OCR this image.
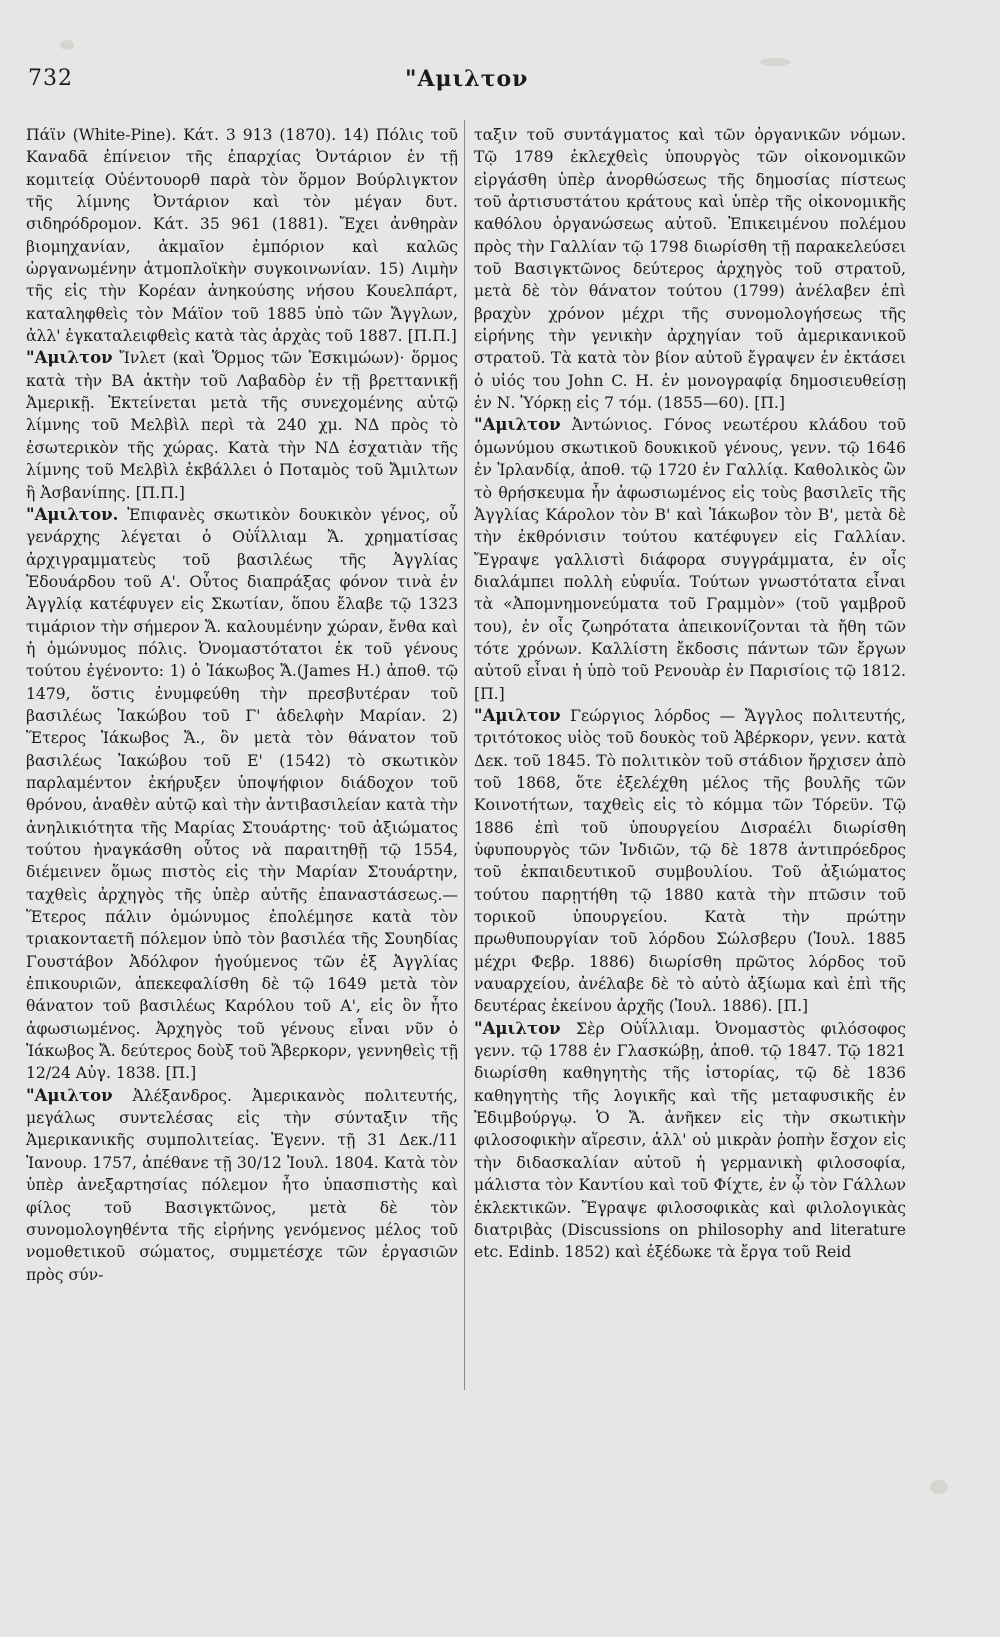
732	"Αμιλτον

Πάϊν (White-Pine). Κάτ. 3 913 (1870). 14) Πόλις τοῦ Καναδᾶ ἐπίνειον τῆς ἐπαρχίας Ὀντάριον ἐν τῇ κομιτείᾳ Οὐέντουορθ παρὰ τὸν ὅρμον Βούρλιγκτον τῆς λίμνης Ὀντάριον καὶ τὸν μέγαν δυτ. σιδηρόδρομον. Κάτ. 35 961 (1881). Ἔχει ἀνθηρὰν βιομηχανίαν, ἀκμαῖον ἐμπόριον καὶ καλῶς ὠργανωμένην ἀτμοπλοϊκὴν συγκοινωνίαν. 15) Λιμὴν τῆς εἰς τὴν Κορέαν ἀνηκούσης νήσου Κουελπάρτ, καταληφθεὶς τὸν Μάϊον τοῦ 1885 ὑπὸ τῶν Ἄγγλων, ἀλλ' ἐγκαταλειφθεὶς κατὰ τὰς ἀρχὰς τοῦ 1887. [Π.Π.]

"Αμιλτον Ἴνλετ (καὶ Ὅρμος τῶν Ἐσκιμώων)· ὅρμος κατὰ τὴν ΒΑ ἀκτὴν τοῦ Λαβαδὸρ ἐν τῇ βρεττανικῇ Ἀμερικῇ. Ἐκτείνεται μετὰ τῆς συνεχομένης αὐτῷ λίμνης τοῦ Μελβὶλ περὶ τὰ 240 χμ. ΝΔ πρὸς τὸ ἐσωτερικὸν τῆς χώρας. Κατὰ τὴν ΝΔ ἐσχατιὰν τῆς λίμνης τοῦ Μελβὶλ ἐκβάλλει ὁ Ποταμὸς τοῦ Ἄμιλτων ἢ Ἀσβανίπης. [Π.Π.]

"Αμιλτον. Ἐπιφανὲς σκωτικὸν δουκικὸν γένος, οὗ γενάρχης λέγεται ὁ Οὐΐλλιαμ Ἄ. χρηματίσας ἀρχιγραμματεὺς τοῦ βασιλέως τῆς Ἀγγλίας Ἐδουάρδου τοῦ Α'. Οὗτος διαπράξας φόνον τινὰ ἐν Ἀγγλίᾳ κατέφυγεν εἰς Σκωτίαν, ὅπου ἔλαβε τῷ 1323 τιμάριον τὴν σήμερον Ἄ. καλουμένην χώραν, ἔνθα καὶ ἡ ὁμώνυμος πόλις. Ὀνομαστότατοι ἐκ τοῦ γένους τούτου ἐγένοντο: 1) ὁ Ἰάκωβος Ἄ.(James H.) ἀποθ. τῷ 1479, ὅστις ἐνυμφεύθη τὴν πρεσβυτέραν τοῦ βασιλέως Ἰακώβου τοῦ Γ' ἀδελφὴν Μαρίαν. 2) Ἕτερος Ἰάκωβος Ἄ., ὃν μετὰ τὸν θάνατον τοῦ βασιλέως Ἰακώβου τοῦ Ε' (1542) τὸ σκωτικὸν παρλαμέντον ἐκήρυξεν ὑποψήφιον διάδοχον τοῦ θρόνου, ἀναθὲν αὐτῷ καὶ τὴν ἀντιβασιλείαν κατὰ τὴν ἀνηλικιότητα τῆς Μαρίας Στουάρτης· τοῦ ἀξιώματος τούτου ἠναγκάσθη οὗτος νὰ παραιτηθῇ τῷ 1554, διέμεινεν ὅμως πιστὸς εἰς τὴν Μαρίαν Στουάρτην, ταχθεὶς ἀρχηγὸς τῆς ὑπὲρ αὐτῆς ἐπαναστάσεως.—Ἕτερος πάλιν ὁμώνυμος ἐπολέμησε κατὰ τὸν τριακονταετῆ πόλεμον ὑπὸ τὸν βασιλέα τῆς Σουηδίας Γουστάβον Ἀδόλφον ἡγούμενος τῶν ἐξ Ἀγγλίας ἐπικουριῶν, ἀπεκεφαλίσθη δὲ τῷ 1649 μετὰ τὸν θάνατον τοῦ βασιλέως Καρόλου τοῦ Α', εἰς ὃν ἦτο ἀφωσιωμένος. Ἀρχηγὸς τοῦ γένους εἶναι νῦν ὁ Ἰάκωβος Ἄ. δεύτερος δοὺξ τοῦ Ἄβερκορν, γεννηθεὶς τῇ 12/24 Αὐγ. 1838. [Π.]

"Αμιλτον Ἀλέξανδρος. Ἀμερικανὸς πολιτευτής, μεγάλως συντελέσας εἰς τὴν σύνταξιν τῆς Ἀμερικανικῆς συμπολιτείας. Ἐγενν. τῇ 31 Δεκ./11 Ἰανουρ. 1757, ἀπέθανε τῇ 30/12 Ἰουλ. 1804. Κατὰ τὸν ὑπὲρ ἀνεξαρτησίας πόλεμον ἦτο ὑπασπιστὴς καὶ φίλος τοῦ Βασιγκτῶνος, μετὰ δὲ τὸν συνομολογηθέντα τῆς εἰρήνης γενόμενος μέλος τοῦ νομοθετικοῦ σώματος, συμμετέσχε τῶν ἐργασιῶν πρὸς σύν-

ταξιν τοῦ συντάγματος καὶ τῶν ὀργανικῶν νόμων. Τῷ 1789 ἐκλεχθεὶς ὑπουργὸς τῶν οἰκονομικῶν εἰργάσθη ὑπὲρ ἀνορθώσεως τῆς δημοσίας πίστεως τοῦ ἀρτισυστάτου κράτους καὶ ὑπὲρ τῆς οἰκονομικῆς καθόλου ὀργανώσεως αὐτοῦ. Ἐπικειμένου πολέμου πρὸς τὴν Γαλλίαν τῷ 1798 διωρίσθη τῇ παρακελεύσει τοῦ Βασιγκτῶνος δεύτερος ἀρχηγὸς τοῦ στρατοῦ, μετὰ δὲ τὸν θάνατον τούτου (1799) ἀνέλαβεν ἐπὶ βραχὺν χρόνον μέχρι τῆς συνομολογήσεως τῆς εἰρήνης τὴν γενικὴν ἀρχηγίαν τοῦ ἀμερικανικοῦ στρατοῦ. Τὰ κατὰ τὸν βίον αὐτοῦ ἔγραψεν ἐν ἐκτάσει ὁ υἱός του John C. H. ἐν μονογραφίᾳ δημοσιευθείσῃ ἐν Ν. Ὑόρκῃ εἰς 7 τόμ. (1855—60). [Π.]

"Αμιλτον Ἀντώνιος. Γόνος νεωτέρου κλάδου τοῦ ὁμωνύμου σκωτικοῦ δουκικοῦ γένους, γενν. τῷ 1646 ἐν Ἰρλανδίᾳ, ἀποθ. τῷ 1720 ἐν Γαλλίᾳ. Καθολικὸς ὢν τὸ θρήσκευμα ἦν ἀφωσιωμένος εἰς τοὺς βασιλεῖς τῆς Ἀγγλίας Κάρολον τὸν Β' καὶ Ἰάκωβον τὸν Β', μετὰ δὲ τὴν ἐκθρόνισιν τούτου κατέφυγεν εἰς Γαλλίαν. Ἔγραψε γαλλιστὶ διάφορα συγγράμματα, ἐν οἷς διαλάμπει πολλὴ εὐφυΐα. Τούτων γνωστότατα εἶναι τὰ «Ἀπομνημονεύματα τοῦ Γραμμὸν» (τοῦ γαμβροῦ του), ἐν οἷς ζωηρότατα ἀπεικονίζονται τὰ ἤθη τῶν τότε χρόνων. Καλλίστη ἔκδοσις πάντων τῶν ἔργων αὐτοῦ εἶναι ἡ ὑπὸ τοῦ Ρενουὰρ ἐν Παρισίοις τῷ 1812. [Π.]

"Αμιλτον Γεώργιος λόρδος — Ἄγγλος πολιτευτής, τριτότοκος υἱὸς τοῦ δουκὸς τοῦ Ἀβέρκορν, γενν. κατὰ Δεκ. τοῦ 1845. Τὸ πολιτικὸν τοῦ στάδιον ἤρχισεν ἀπὸ τοῦ 1868, ὅτε ἐξελέχθη μέλος τῆς βουλῆς τῶν Κοινοτήτων, ταχθεὶς εἰς τὸ κόμμα τῶν Τόρεϋν. Τῷ 1886 ἐπὶ τοῦ ὑπουργείου Δισραέλι διωρίσθη ὑφυπουργὸς τῶν Ἰνδιῶν, τῷ δὲ 1878 ἀντιπρόεδρος τοῦ ἐκπαιδευτικοῦ συμβουλίου. Τοῦ ἀξιώματος τούτου παρῃτήθη τῷ 1880 κατὰ τὴν πτῶσιν τοῦ τορικοῦ ὑπουργείου. Κατὰ τὴν πρώτην πρωθυπουργίαν τοῦ λόρδου Σώλσβερυ (Ἰουλ. 1885 μέχρι Φεβρ. 1886) διωρίσθη πρῶτος λόρδος τοῦ ναυαρχείου, ἀνέλαβε δὲ τὸ αὐτὸ ἀξίωμα καὶ ἐπὶ τῆς δευτέρας ἐκείνου ἀρχῆς (Ἰουλ. 1886). [Π.]

"Αμιλτον Σὲρ Οὐΐλλιαμ. Ὀνομαστὸς φιλόσοφος γενν. τῷ 1788 ἐν Γλασκώβῃ, ἀποθ. τῷ 1847. Τῷ 1821 διωρίσθη καθηγητὴς τῆς ἱστορίας, τῷ δὲ 1836 καθηγητὴς τῆς λογικῆς καὶ τῆς μεταφυσικῆς ἐν Ἐδιμβούργῳ. Ὁ Ἄ. ἀνῆκεν εἰς τὴν σκωτικὴν φιλοσοφικὴν αἵρεσιν, ἀλλ' οὐ μικρὰν ῥοπὴν ἔσχον εἰς τὴν διδασκαλίαν αὐτοῦ ἡ γερμανικὴ φιλοσοφία, μάλιστα τὸν Καντίου καὶ τοῦ Φίχτε, ἐν ᾧ τὸν Γάλλων ἐκλεκτικῶν. Ἔγραψε φιλοσοφικὰς καὶ φιλολογικὰς διατριβὰς (Discussions on philosophy and literature etc. Edinb. 1852) καὶ ἐξέδωκε τὰ ἔργα τοῦ Reid
